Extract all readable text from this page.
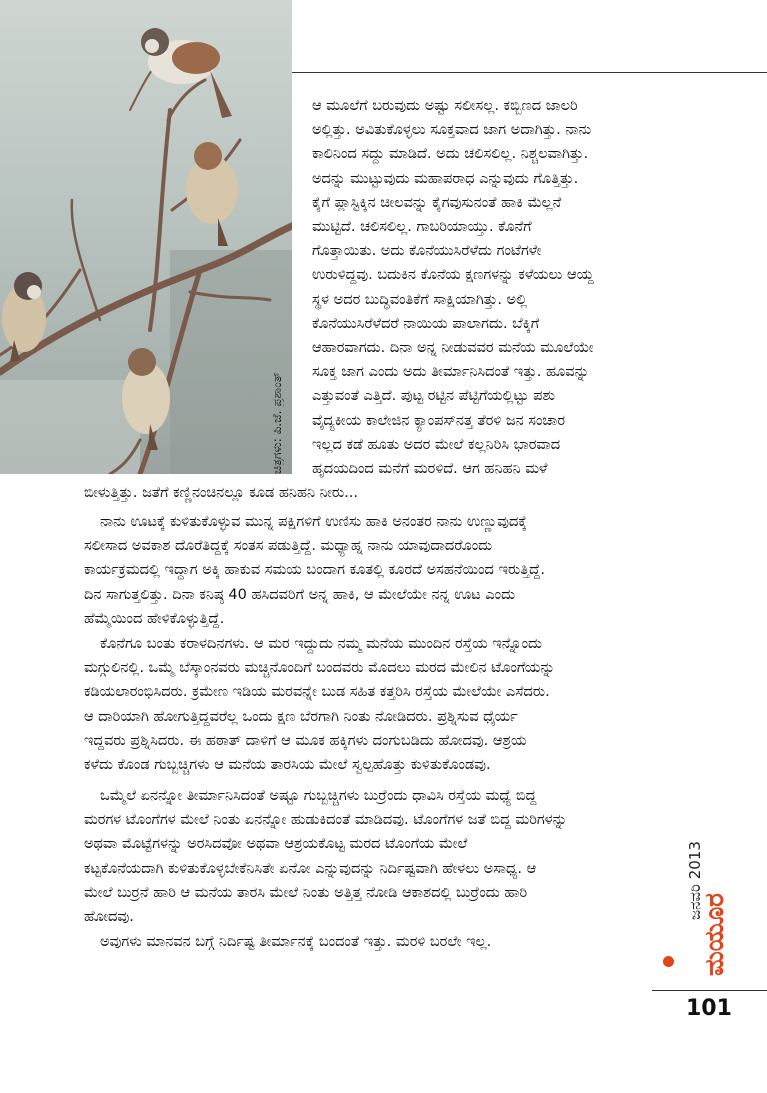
ಚಿತ್ರಗಳು: ಪಿ.ಜೆ. ಪ್ರಶಾಂತ್
ಆ ಮೂಲೆಗೆ ಬರುವುದು ಅಷ್ಟು ಸಲೀಸಲ್ಲ. ಕಬ್ಬಿಣದ ಜಾಲರಿ
ಅಲ್ಲಿತ್ತು. ಅವಿತುಕೊಳ್ಳಲು ಸೂಕ್ತವಾದ ಜಾಗ ಅದಾಗಿತ್ತು. ನಾನು
ಕಾಲಿನಿಂದ ಸದ್ದು ಮಾಡಿದೆ. ಅದು ಚಲಿಸಲಿಲ್ಲ. ನಿಶ್ಚಲವಾಗಿತ್ತು.
ಅದನ್ನು ಮುಟ್ಟುವುದು ಮಹಾಪರಾಧ ಎನ್ನುವುದು ಗೊತ್ತಿತ್ತು.
ಕೈಗೆ ಪ್ಲಾಸ್ಟಿಕ್ಕಿನ ಚೀಲವನ್ನು ಕೈಗವುಸುನಂತೆ ಹಾಕಿ ಮೆಲ್ಲನೆ
ಮುಟ್ಟಿದೆ. ಚಲಿಸಲಿಲ್ಲ. ಗಾಬರಿಯಾಯ್ತು. ಕೊನೆಗೆ
ಗೊತ್ತಾಯಿತು. ಅದು ಕೊನೆಯುಸಿರೆಳೆದು ಗಂಟೆಗಳೇ
ಉರುಳಿದ್ದವು. ಬದುಕಿನ ಕೊನೆಯ ಕ್ಷಣಗಳನ್ನು ಕಳೆಯಲು ಆಯ್ದ
ಸ್ಥಳ ಅದರ ಬುದ್ಧಿವಂತಿಕೆಗೆ ಸಾಕ್ಷಿಯಾಗಿತ್ತು. ಅಲ್ಲಿ
ಕೊನೆಯುಸಿರೆಳೆದರೆ ನಾಯಿಯ ಪಾಲಾಗದು. ಬೆಕ್ಕಿಗೆ
ಆಹಾರವಾಗದು. ದಿನಾ ಅನ್ನ ನೀಡುವವರ ಮನೆಯ ಮೂಲೆಯೇ
ಸೂಕ್ತ ಜಾಗ ಎಂದು ಅದು ತೀರ್ಮಾನಿಸಿದಂತೆ ಇತ್ತು. ಹೂವನ್ನು
ಎತ್ತುವಂತೆ ಎತ್ತಿದೆ. ಪುಟ್ಟ ರಟ್ಟಿನ ಪೆಟ್ಟಿಗೆಯಲ್ಲಿಟ್ಟು ಪಶು
ವೈದ್ಯಕೀಯ ಕಾಲೇಜಿನ ಕ್ಯಾಂಪಸ್‌ನತ್ತ ತೆರಳಿ ಜನ ಸಂಚಾರ
ಇಲ್ಲದ ಕಡೆ ಹೂತು ಅದರ ಮೇಲೆ ಕಲ್ಲನಿರಿಸಿ ಭಾರವಾದ
ಹೃದಯದಿಂದ ಮನೆಗೆ ಮರಳಿದೆ. ಆಗ ಹನಿಹನಿ ಮಳೆ
ಬೀಳುತ್ತಿತ್ತು. ಜತೆಗೆ ಕಣ್ಣಿನಂಚಿನಲ್ಲೂ ಕೂಡ ಹನಿಹನಿ ನೀರು...
ನಾನು ಊಟಕ್ಕೆ ಕುಳಿತುಕೊಳ್ಳುವ ಮುನ್ನ ಪಕ್ಷಿಗಳಿಗೆ ಉಣಿಸು ಹಾಕಿ ಅನಂತರ ನಾನು ಉಣ್ಣುವುದಕ್ಕೆ
ಸಲೀಸಾದ ಅವಕಾಶ ದೊರೆತಿದ್ದಕ್ಕೆ ಸಂತಸ ಪಡುತ್ತಿದ್ದೆ. ಮಧ್ಯಾಹ್ನ ನಾನು ಯಾವುದಾದರೊಂದು
ಕಾರ್ಯಕ್ರಮದಲ್ಲಿ ಇದ್ದಾಗ ಅಕ್ಕಿ ಹಾಕುವ ಸಮಯ ಬಂದಾಗ ಕೂತಲ್ಲಿ ಕೂರದೆ ಅಸಹನೆಯಿಂದ ಇರುತ್ತಿದ್ದೆ.
ದಿನ ಸಾಗುತ್ತಲಿತ್ತು. ದಿನಾ ಕನಿಷ್ಠ 40 ಹಸಿದವರಿಗೆ ಅನ್ನ ಹಾಕಿ, ಆ ಮೇಲೆಯೇ ನನ್ನ ಊಟ ಎಂದು
ಹೆಮ್ಮೆಯಿಂದ ಹೇಳಿಕೊಳ್ಳುತ್ತಿದ್ದೆ.
ಕೊನೆಗೂ ಬಂತು ಕರಾಳದಿನಗಳು. ಆ ಮರ ಇದ್ದುದು ನಮ್ಮ ಮನೆಯ ಮುಂದಿನ ರಸ್ತೆಯ ಇನ್ನೊಂದು
ಮಗ್ಗುಲಿನಲ್ಲಿ. ಒಮ್ಮೆ ಬೆಸ್ಕಾಂನವರು ಮಚ್ಚಿನೊಂದಿಗೆ ಬಂದವರು ಮೊದಲು ಮರದ ಮೇಲಿನ ಟೊಂಗೆಯನ್ನು
ಕಡಿಯಲಾರಂಭಿಸಿದರು. ಕ್ರಮೇಣ ಇಡಿಯ ಮರವನ್ನೇ ಬುಡ ಸಹಿತ ಕತ್ತರಿಸಿ ರಸ್ತೆಯ ಮೇಲೆಯೇ ಎಸೆದರು.
ಆ ದಾರಿಯಾಗಿ ಹೋಗುತ್ತಿದ್ದವರೆಲ್ಲ ಒಂದು ಕ್ಷಣ ಬೆರಗಾಗಿ ನಿಂತು ನೋಡಿದರು. ಪ್ರಶ್ನಿಸುವ ಧೈರ್ಯ
ಇದ್ದವರು ಪ್ರಶ್ನಿಸಿದರು. ಈ ಹಠಾತ್ ದಾಳಿಗೆ ಆ ಮೂಕ ಹಕ್ಕಿಗಳು ದಂಗುಬಡಿದು ಹೋದವು. ಆಶ್ರಯ
ಕಳೆದು ಕೊಂಡ ಗುಬ್ಬಚ್ಚಿಗಳು ಆ ಮನೆಯ ತಾರಸಿಯ ಮೇಲೆ ಸ್ವಲ್ಪಹೊತ್ತು ಕುಳಿತುಕೊಂಡವು.
ಒಮ್ಮೆಲೆ ಏನನ್ನೋ ತೀರ್ಮಾನಿಸಿದಂತೆ ಅಷ್ಟೂ ಗುಬ್ಬಚ್ಚಿಗಳು ಬುರ್ರೆಂದು ಧಾವಿಸಿ ರಸ್ತೆಯ ಮಧ್ಯೆ ಬಿದ್ದ
ಮರಗಳ ಟೊಂಗೆಗಳ ಮೇಲೆ ನಿಂತು ಏನನ್ನೋ ಹುಡುಕಿದಂತೆ ಮಾಡಿದವು. ಟೊಂಗೆಗಳ ಜತೆ ಬಿದ್ದ ಮರಿಗಳನ್ನು
ಅಥವಾ ಮೊಟ್ಟೆಗಳನ್ನು ಅರಸಿದವೋ ಅಥವಾ ಆಶ್ರಯಕೊಟ್ಟ ಮರದ ಟೊಂಗೆಯ ಮೇಲೆ
ಕಟ್ಟಕೊನೆಯದಾಗಿ ಕುಳಿತುಕೊಳ್ಳಬೇಕೆನಿಸಿತೇ ಏನೋ ಎನ್ನುವುದನ್ನು ನಿರ್ದಿಷ್ಟವಾಗಿ ಹೇಳಲು ಅಸಾಧ್ಯ. ಆ
ಮೇಲೆ ಬುರ್ರನೆ ಹಾರಿ ಆ ಮನೆಯ ತಾರಸಿ ಮೇಲೆ ನಿಂತು ಅತ್ತಿತ್ತ ನೋಡಿ ಆಕಾಶದಲ್ಲಿ ಬುರ್ರೆಂದು ಹಾರಿ
ಹೋದವು.
ಅವುಗಳು ಮಾನವನ ಬಗ್ಗೆ ನಿರ್ದಿಷ್ಟ ತೀರ್ಮಾನಕ್ಕೆ ಬಂದಂತೆ ಇತ್ತು. ಮರಳಿ ಬರಲೇ ಇಲ್ಲ.
ಜನವರಿ 2013
ಮಯೂರ
101
